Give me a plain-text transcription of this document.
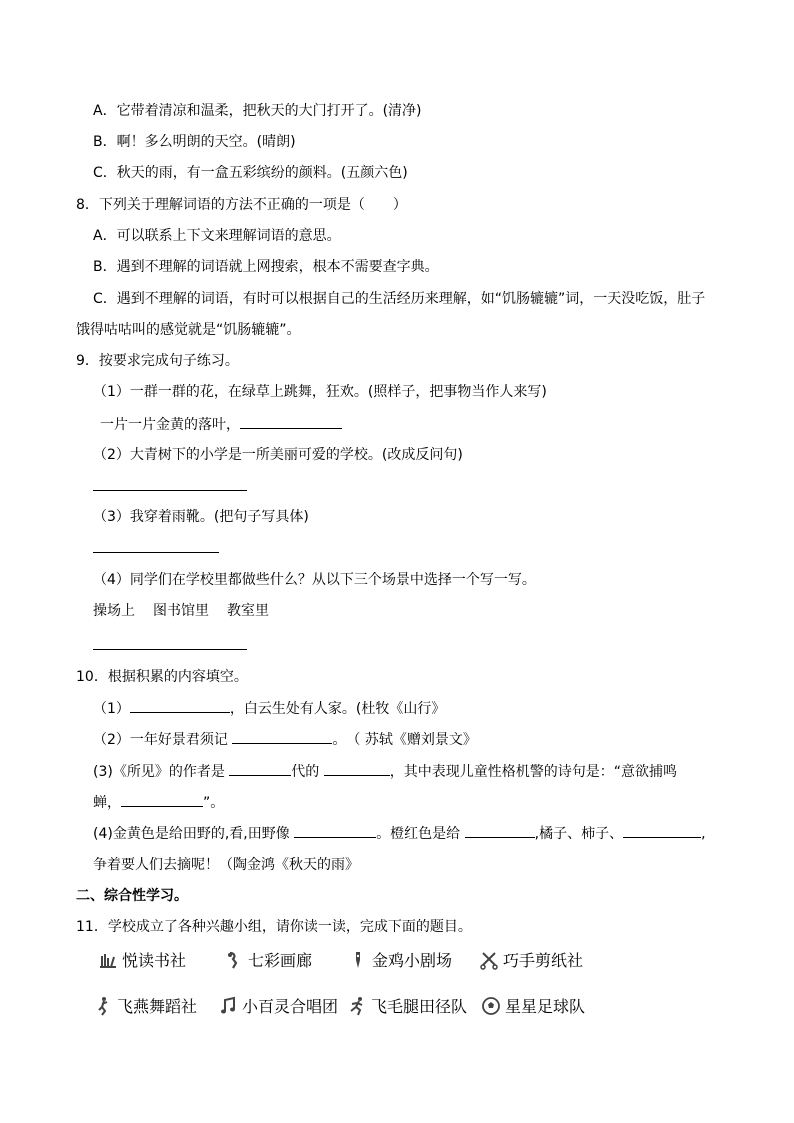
A．它带着清凉和温柔，把秋天的大门打开了。(清净)
B．啊！多么明朗的天空。(晴朗)
C．秋天的雨，有一盒五彩缤纷的颜料。(五颜六色)
8．下列关于理解词语的方法不正确的一项是（　　）
A．可以联系上下文来理解词语的意思。
B．遇到不理解的词语就上网搜索，根本不需要查字典。
C．遇到不理解的词语，有时可以根据自己的生活经历来理解，如“饥肠辘辘”词，一天没吃饭，肚子
饿得咕咕叫的感觉就是“饥肠辘辘”。
9．按要求完成句子练习。
（1）一群一群的花，在绿草上跳舞，狂欢。(照样子，把事物当作人来写)
一片一片金黄的落叶，
（2）大青树下的小学是一所美丽可爱的学校。(改成反问句)
（3）我穿着雨靴。(把句子写具体)
（4）同学们在学校里都做些什么？从以下三个场景中选择一个写一写。
操场上 图书馆里 教室里
10．根据积累的内容填空。
（1）	，白云生处有人家。(杜牧《山行》
（2）一年好景君须记	。　（ 苏轼《赠刘景文》
(3)《所见》的作者是	代的	，其中表现儿童性格机警的诗句是：“意欲捕鸣
蝉，	”。
(4)金黄色是给田野的,看,田野像	。橙红色是给	,橘子、柿子、	,
争着要人们去摘呢！（陶金鸿《秋天的雨》
二、综合性学习。
11．学校成立了各种兴趣小组，请你读一读，完成下面的题目。
悦读书社	七彩画廊	金鸡小剧场	巧手剪纸社
飞燕舞蹈社	小百灵合唱团 飞毛腿田径队 星星足球队
